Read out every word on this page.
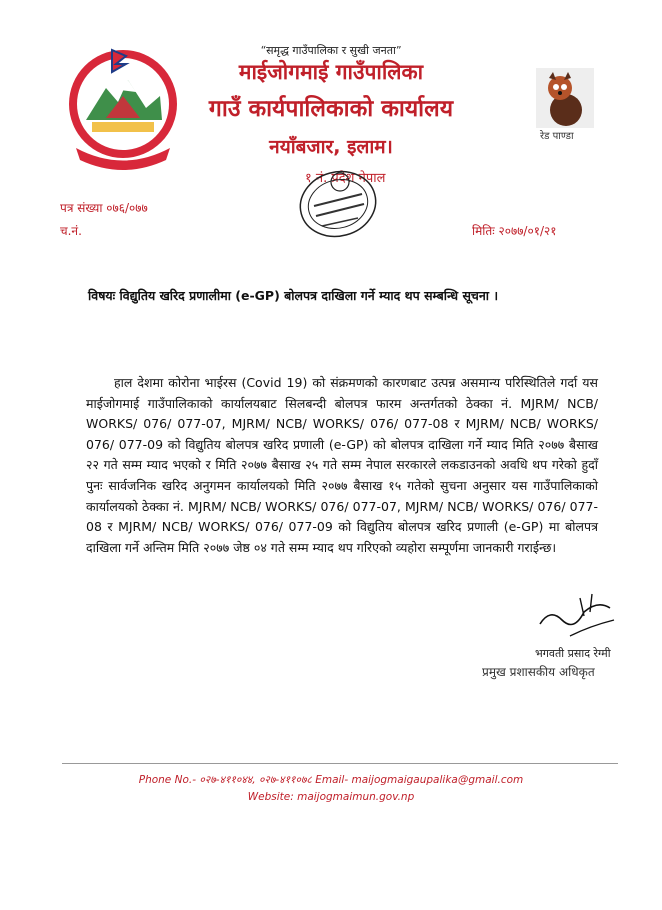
“समृद्ध गाउँपालिका र सुखी जनता”
माईजोगमाई गाउँपालिका
गाउँ कार्यपालिकाको कार्यालय
नयाँबजार, इलाम।
१ नं. प्रदेश नेपाल
रेड पाण्डा
पत्र संख्या ०७६/०७७
च.नं.	मितिः २०७७/०१/२१
विषयः विद्युतिय खरिद प्रणालीमा (e-GP) बोलपत्र दाखिला गर्ने म्याद थप सम्बन्धि सूचना ।
हाल देशमा कोरोना भाईरस (Covid 19) को संक्रमणको कारणबाट उत्पन्न असमान्य परिस्थितिले गर्दा यस माईजोगमाई गाउँपालिकाको कार्यालयबाट सिलबन्दी बोलपत्र फारम अन्तर्गतको ठेक्का नं. MJRM/ NCB/ WORKS/ 076/ 077-07, MJRM/ NCB/ WORKS/ 076/ 077-08 र MJRM/ NCB/ WORKS/ 076/ 077-09 को विद्युतिय बोलपत्र खरिद प्रणाली (e-GP) को बोलपत्र दाखिला गर्ने म्याद मिति २०७७ बैसाख २२ गते सम्म म्याद भएको र मिति २०७७ बैसाख २५ गते सम्म नेपाल सरकारले लकडाउनको अवधि थप गरेको हुदाँ पुनः सार्वजनिक खरिद अनुगमन कार्यालयको मिति २०७७ बैसाख १५ गतेको सुचना अनुसार यस गाउँपालिकाको कार्यालयको ठेक्का नं. MJRM/ NCB/ WORKS/ 076/ 077-07, MJRM/ NCB/ WORKS/ 076/ 077-08 र MJRM/ NCB/ WORKS/ 076/ 077-09 को विद्युतिय बोलपत्र खरिद प्रणाली (e-GP) मा बोलपत्र दाखिला गर्ने अन्तिम मिति २०७७ जेष्ठ ०४ गते सम्म म्याद थप गरिएको व्यहोरा सम्पूर्णमा जानकारी गराईन्छ।
भगवती प्रसाद रेग्मी
प्रमुख प्रशासकीय अधिकृत
Phone No.- ०२७-४११०४४, ०२७-४११०७८ Email- maijogmaigaupalika@gmail.com
Website: maijogmaimun.gov.np
